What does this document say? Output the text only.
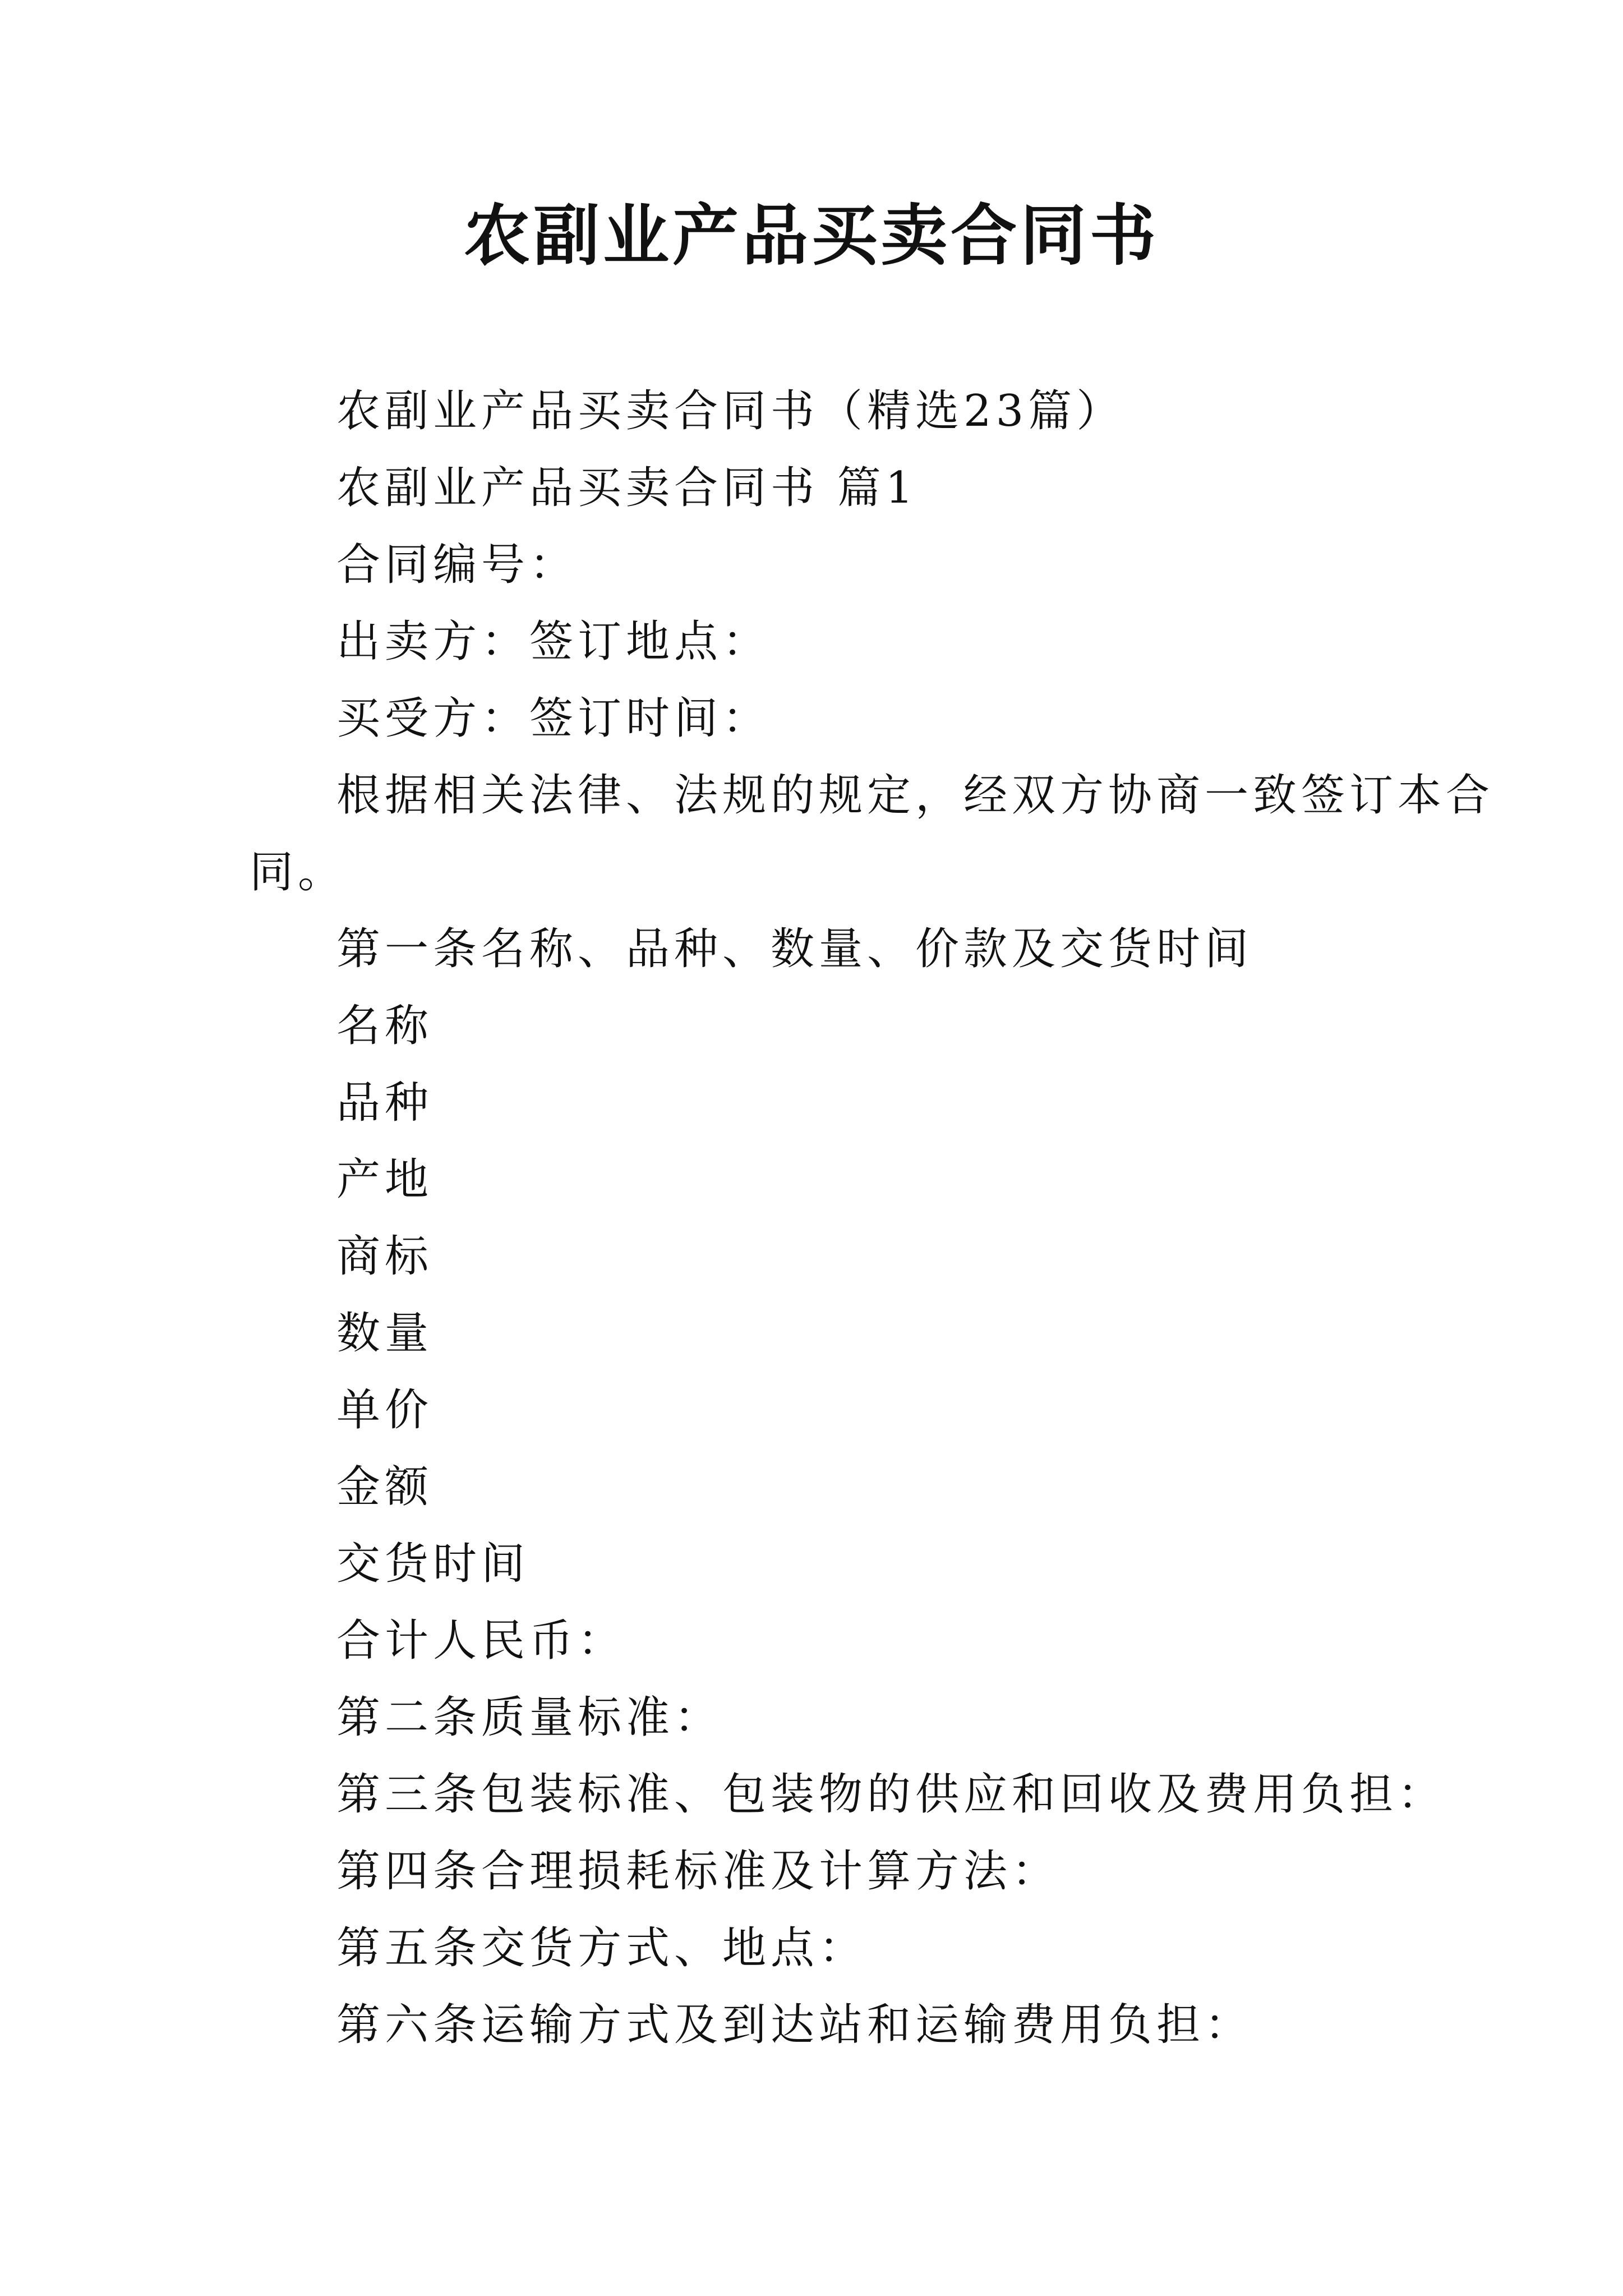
农副业产品买卖合同书

农副业产品买卖合同书（精选23篇）

农副业产品买卖合同书 篇1

合同编号：

出卖方：签订地点：

买受方：签订时间：

根据相关法律、法规的规定，经双方协商一致签订本合

同。

第一条名称、品种、数量、价款及交货时间

名称

品种

产地

商标

数量

单价

金额

交货时间

合计人民币：

第二条质量标准：

第三条包装标准、包装物的供应和回收及费用负担：

第四条合理损耗标准及计算方法：

第五条交货方式、地点：

第六条运输方式及到达站和运输费用负担：
